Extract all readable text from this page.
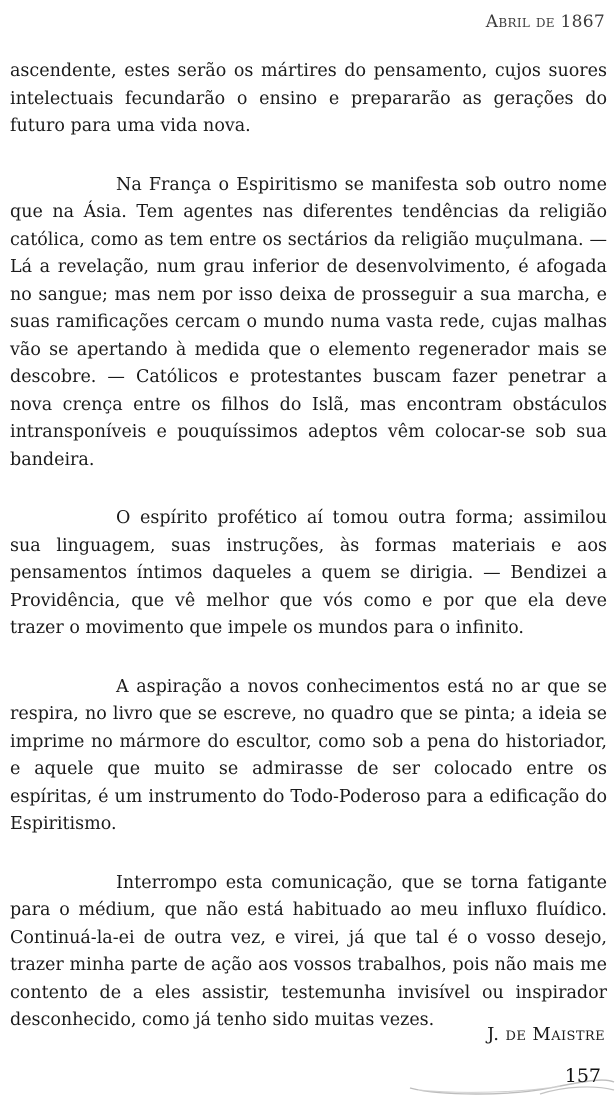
Abril de 1867

ascendente, estes serão os mártires do pensamento, cujos suores intelectuais fecundarão o ensino e prepararão as gerações do futuro para uma vida nova.

Na França o Espiritismo se manifesta sob outro nome que na Ásia. Tem agentes nas diferentes tendências da religião católica, como as tem entre os sectários da religião muçulmana. — Lá a revelação, num grau inferior de desenvolvimento, é afogada no sangue; mas nem por isso deixa de prosseguir a sua marcha, e suas ramificações cercam o mundo numa vasta rede, cujas malhas vão se apertando à medida que o elemento regenerador mais se descobre. — Católicos e protestantes buscam fazer penetrar a nova crença entre os filhos do Islã, mas encontram obstáculos intransponíveis e pouquíssimos adeptos vêm colocar-se sob sua bandeira.

O espírito profético aí tomou outra forma; assimilou sua linguagem, suas instruções, às formas materiais e aos pensamentos íntimos daqueles a quem se dirigia. — Bendizei a Providência, que vê melhor que vós como e por que ela deve trazer o movimento que impele os mundos para o infinito.

A aspiração a novos conhecimentos está no ar que se respira, no livro que se escreve, no quadro que se pinta; a ideia se imprime no mármore do escultor, como sob a pena do historiador, e aquele que muito se admirasse de ser colocado entre os espíritas, é um instrumento do Todo-Poderoso para a edificação do Espiritismo.

Interrompo esta comunicação, que se torna fatigante para o médium, que não está habituado ao meu influxo fluídico. Continuá-la-ei de outra vez, e virei, já que tal é o vosso desejo, trazer minha parte de ação aos vossos trabalhos, pois não mais me contento de a eles assistir, testemunha invisível ou inspirador desconhecido, como já tenho sido muitas vezes.

J. de Maistre
157
